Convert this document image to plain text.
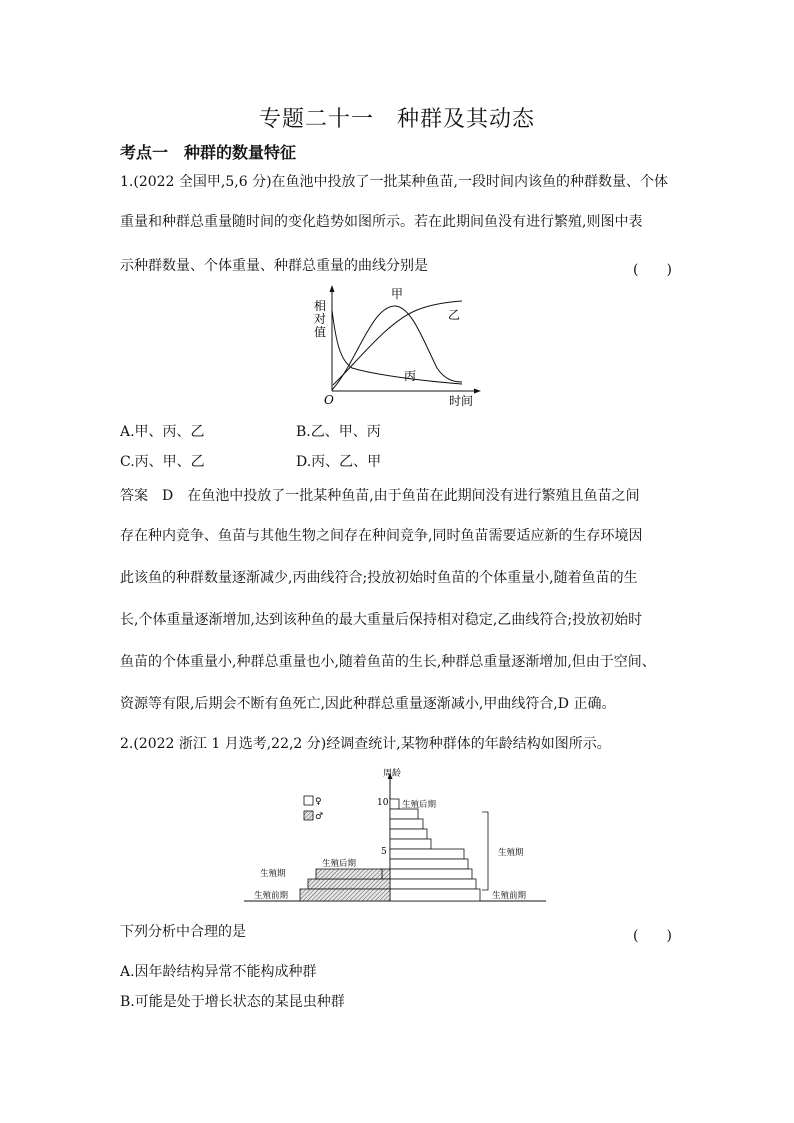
专题二十一　种群及其动态
考点一　种群的数量特征
1.(2022 全国甲,5,6 分)在鱼池中投放了一批某种鱼苗,一段时间内该鱼的种群数量、个体
重量和种群总重量随时间的变化趋势如图所示。若在此期间鱼没有进行繁殖,则图中表
示种群数量、个体重量、种群总重量的曲线分别是	(　　)
相对值
O	时间
甲
乙
丙
A.甲、丙、乙	B.乙、甲、丙
C.丙、甲、乙	D.丙、乙、甲
答案　D　在鱼池中投放了一批某种鱼苗,由于鱼苗在此期间没有进行繁殖且鱼苗之间
存在种内竞争、鱼苗与其他生物之间存在种间竞争,同时鱼苗需要适应新的生存环境因
此该鱼的种群数量逐渐减少,丙曲线符合;投放初始时鱼苗的个体重量小,随着鱼苗的生
长,个体重量逐渐增加,达到该种鱼的最大重量后保持相对稳定,乙曲线符合;投放初始时
鱼苗的个体重量小,种群总重量也小,随着鱼苗的生长,种群总重量逐渐增加,但由于空间、
资源等有限,后期会不断有鱼死亡,因此种群总重量逐渐减小,甲曲线符合,D 正确。
2.(2022 浙江 1 月选考,22,2 分)经调查统计,某物种群体的年龄结构如图所示。
周龄
10
5
♀
♂
生殖后期
生殖后期
生殖期
生殖前期
生殖期
生殖前期
下列分析中合理的是	(　　)
A.因年龄结构异常不能构成种群
B.可能是处于增长状态的某昆虫种群
